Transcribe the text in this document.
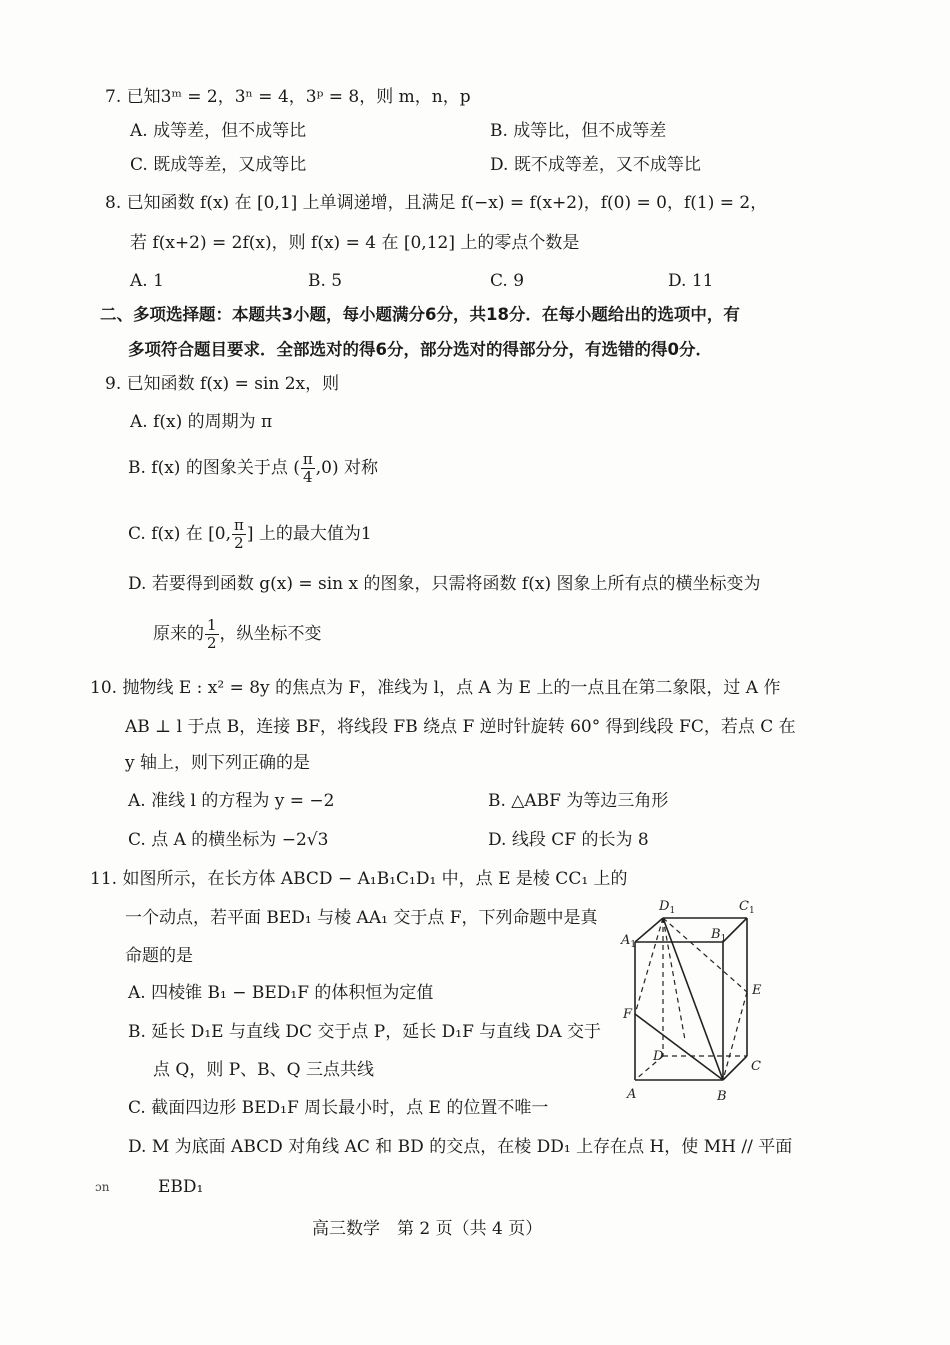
7. 已知3ᵐ = 2，3ⁿ = 4，3ᵖ = 8，则 m，n，p
A. 成等差，但不成等比	B. 成等比，但不成等差
C. 既成等差，又成等比	D. 既不成等差，又不成等比
8. 已知函数 f(x) 在 [0,1] 上单调递增，且满足 f(−x) = f(x+2)，f(0) = 0，f(1) = 2，
若 f(x+2) = 2f(x)，则 f(x) = 4 在 [0,12] 上的零点个数是
A. 1	B. 5	C. 9	D. 11
二、多项选择题：本题共3小题，每小题满分6分，共18分．在每小题给出的选项中，有
多项符合题目要求．全部选对的得6分，部分选对的得部分分，有选错的得0分．
9. 已知函数 f(x) = sin 2x，则
A. f(x) 的周期为 π
B. f(x) 的图象关于点 ( $\frac{\pi}{4} ,0$) 对称
C. f(x) 在 [0, $\frac{\pi}{2}$ ] 上的最大值为1
D. 若要得到函数 g(x) = sin x 的图象，只需将函数 f(x) 图象上所有点的横坐标变为
原来的 $\frac{1}{2}$ ，纵坐标不变
10. 抛物线 E : x² = 8y 的焦点为 F，准线为 l，点 A 为 E 上的一点且在第二象限，过 A 作
AB ⊥ l 于点 B，连接 BF，将线段 FB 绕点 F 逆时针旋转 60° 得到线段 FC，若点 C 在
y 轴上，则下列正确的是
A. 准线 l 的方程为 y = −2	B. △ABF 为等边三角形
C. 点 A 的横坐标为 −2√3	D. 线段 CF 的长为 8
11. 如图所示，在长方体 ABCD − A₁B₁C₁D₁ 中，点 E 是棱 CC₁ 上的
一个动点，若平面 BED₁ 与棱 AA₁ 交于点 F，下列命题中是真
命题的是
A. 四棱锥 B₁ − BED₁F 的体积恒为定值
B. 延长 D₁E 与直线 DC 交于点 P，延长 D₁F 与直线 DA 交于
点 Q，则 P、B、Q 三点共线
C. 截面四边形 BED₁F 周长最小时，点 E 的位置不唯一
D. M 为底面 ABCD 对角线 AC 和 BD 的交点，在棱 DD₁ 上存在点 H，使 MH // 平面
EBD₁
ɔn
$D_1$	$C_1$
$A_1$
$B_1$
E
F
D
C
A	B
高三数学　第 2 页（共 4 页）
